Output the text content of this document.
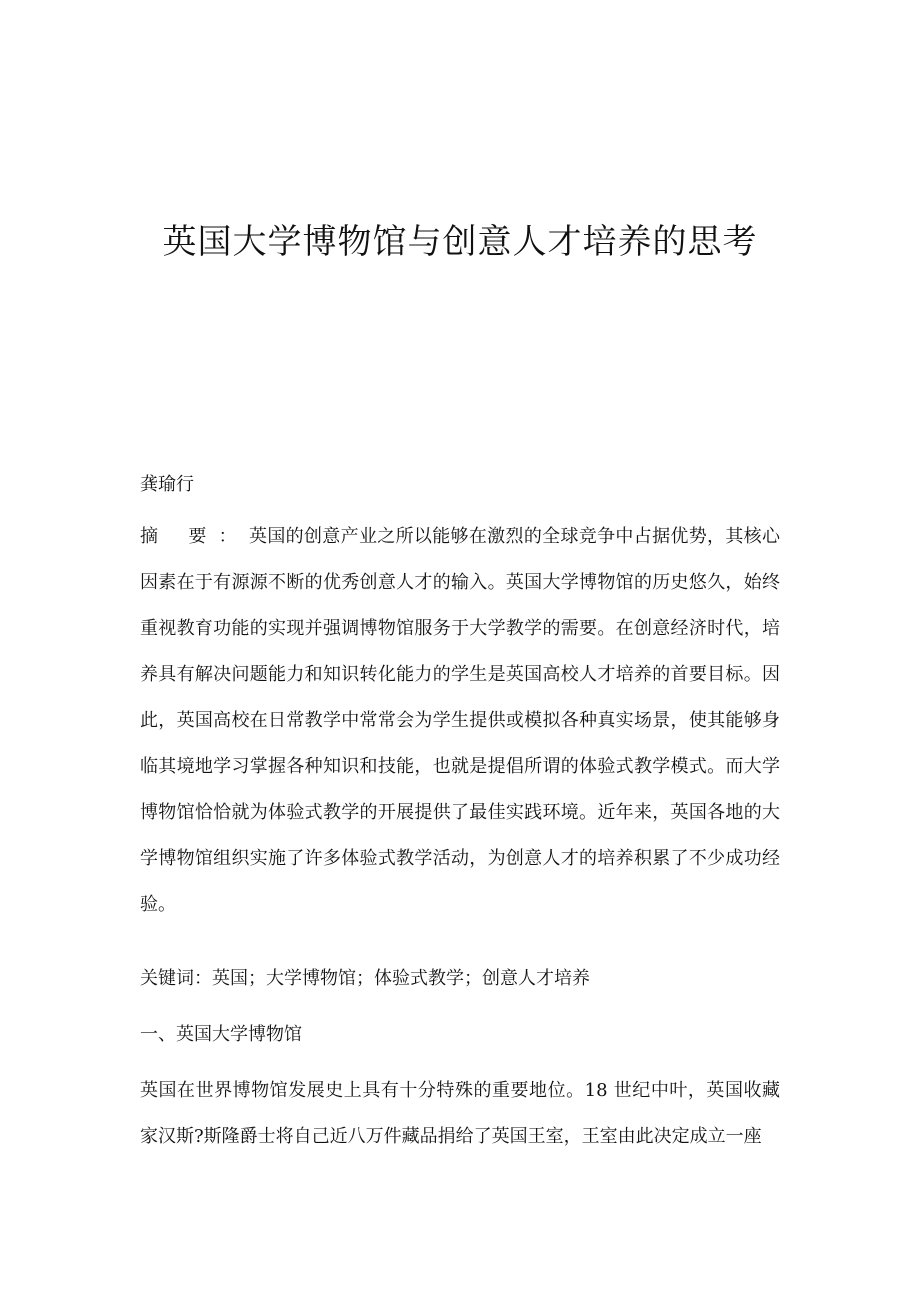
英国大学博物馆与创意人才培养的思考

龚瑜行

摘 要：英国的创意产业之所以能够在激烈的全球竞争中占据优势，其核心因素在于有源源不断的优秀创意人才的输入。英国大学博物馆的历史悠久，始终重视教育功能的实现并强调博物馆服务于大学教学的需要。在创意经济时代，培养具有解决问题能力和知识转化能力的学生是英国高校人才培养的首要目标。因此，英国高校在日常教学中常常会为学生提供或模拟各种真实场景，使其能够身临其境地学习掌握各种知识和技能，也就是提倡所谓的体验式教学模式。而大学博物馆恰恰就为体验式教学的开展提供了最佳实践环境。近年来，英国各地的大学博物馆组织实施了许多体验式教学活动，为创意人才的培养积累了不少成功经验。

关键词：英国；大学博物馆；体验式教学；创意人才培养

一、英国大学博物馆

英国在世界博物馆发展史上具有十分特殊的重要地位。18 世纪中叶，英国收藏家汉斯?斯隆爵士将自己近八万件藏品捐给了英国王室，王室由此决定成立一座
